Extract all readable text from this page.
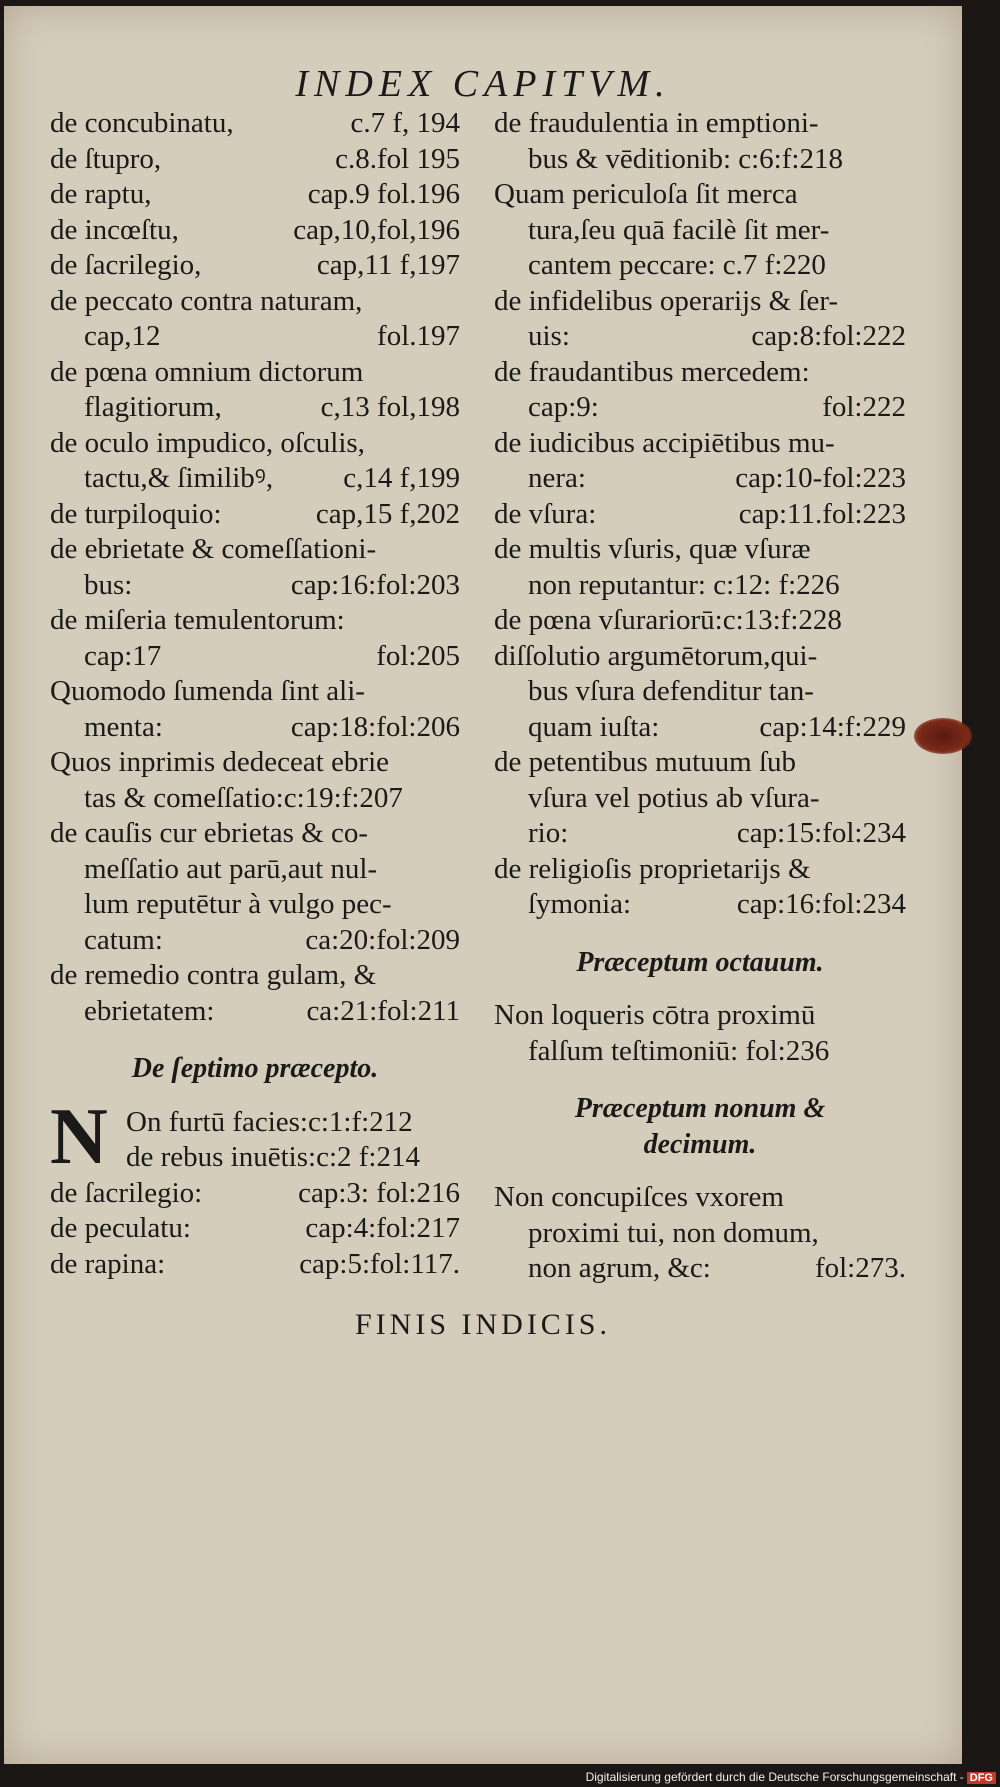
INDEX CAPITVM.
de concubinatu,	c.7 f, 194
de ſtupro,	c.8.fol 195
de raptu,	cap.9 fol.196
de incœſtu,	cap,10,fol,196
de ſacrilegio,	cap,11 f,197
de peccato contra naturam,
cap,12	fol.197
de pœna omnium dictorum
flagitiorum,	c,13 fol,198
de oculo impudico, oſculis,
tactu,& ſimilibꝰ, c,14 f,199
de turpiloquio:	cap,15 f,202
de ebrietate & comeſſationi-
bus:	cap:16:fol:203
de miſeria temulentorum:
cap:17	fol:205
Quomodo ſumenda ſint ali-
menta:	cap:18:fol:206
Quos inprimis dedeceat ebrie
tas & comeſſatio:c:19:f:207
de cauſis cur ebrietas & co-
meſſatio aut parū,aut nul-
lum reputētur à vulgo pec-
catum:	ca:20:fol:209
de remedio contra gulam, &
ebrietatem:	ca:21:fol:211
De ſeptimo præcepto.
N On furtū facies:c:1:f:212
de rebus inuētis:c:2 f:214
de ſacrilegio:	cap:3: fol:216
de peculatu:	cap:4:fol:217
de rapina:	cap:5:fol:117.
de fraudulentia in emptioni-
bus & vēditionib: c:6:f:218
Quam periculoſa ſit merca
tura,ſeu quā facilè ſit mer-
cantem peccare: c.7 f:220
de infidelibus operarijs & ſer-
uis:	cap:8:fol:222
de fraudantibus mercedem:
cap:9:	fol:222
de iudicibus accipiētibus mu-
nera:	cap:10-fol:223
de vſura:	cap:11.fol:223
de multis vſuris, quæ vſuræ
non reputantur: c:12: f:226
de pœna vſurariorū:c:13:f:228
diſſolutio argumētorum,qui-
bus vſura defenditur tan-
quam iuſta:	cap:14:f:229
de petentibus mutuum ſub
vſura vel potius ab vſura-
rio:	cap:15:fol:234
de religioſis proprietarijs &
ſymonia:	cap:16:fol:234
Præceptum octauum.
Non loqueris cōtra proximū
falſum teſtimoniū: fol:236
Præceptum nonum &
decimum.
Non concupiſces vxorem
proximi tui, non domum,
non agrum, &c:	fol:273.
FINIS INDICIS.
Digitalisierung gefördert durch die Deutsche Forschungsgemeinschaft - DFG
